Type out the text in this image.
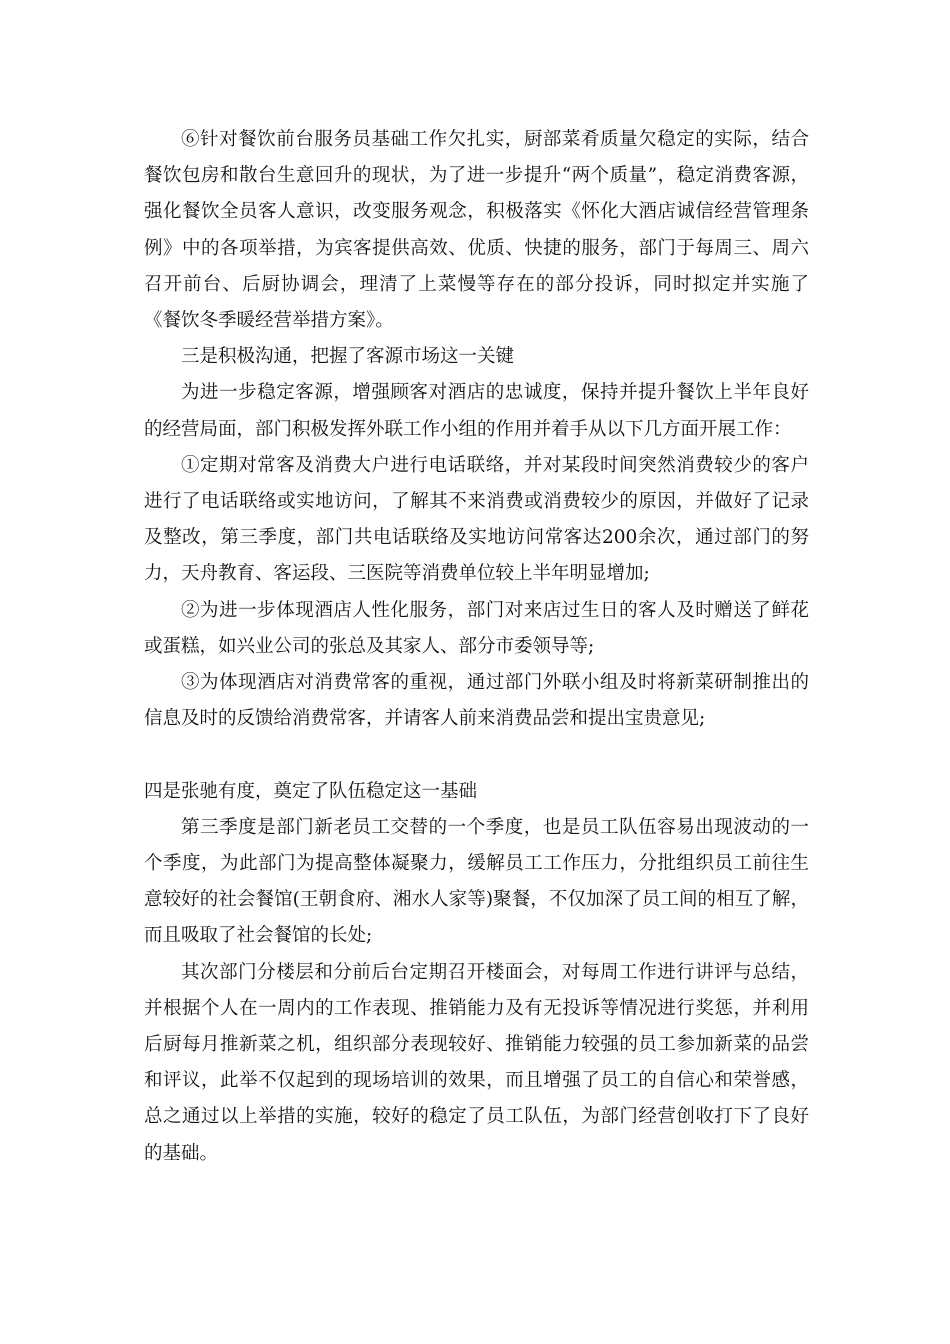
⑥针对餐饮前台服务员基础工作欠扎实，厨部菜肴质量欠稳定的实际，结合餐饮包房和散台生意回升的现状，为了进一步提升“两个质量”，稳定消费客源，强化餐饮全员客人意识，改变服务观念，积极落实《怀化大酒店诚信经营管理条例》中的各项举措，为宾客提供高效、优质、快捷的服务，部门于每周三、周六召开前台、后厨协调会，理清了上菜慢等存在的部分投诉，同时拟定并实施了《餐饮冬季暖经营举措方案》。

三是积极沟通，把握了客源市场这一关键

为进一步稳定客源，增强顾客对酒店的忠诚度，保持并提升餐饮上半年良好的经营局面，部门积极发挥外联工作小组的作用并着手从以下几方面开展工作：

①定期对常客及消费大户进行电话联络，并对某段时间突然消费较少的客户进行了电话联络或实地访问，了解其不来消费或消费较少的原因，并做好了记录及整改，第三季度，部门共电话联络及实地访问常客达200余次，通过部门的努力，天舟教育、客运段、三医院等消费单位较上半年明显增加;

②为进一步体现酒店人性化服务，部门对来店过生日的客人及时赠送了鲜花或蛋糕，如兴业公司的张总及其家人、部分市委领导等;

③为体现酒店对消费常客的重视，通过部门外联小组及时将新菜研制推出的信息及时的反馈给消费常客，并请客人前来消费品尝和提出宝贵意见;

四是张驰有度，奠定了队伍稳定这一基础

第三季度是部门新老员工交替的一个季度，也是员工队伍容易出现波动的一个季度，为此部门为提高整体凝聚力，缓解员工工作压力，分批组织员工前往生意较好的社会餐馆(王朝食府、湘水人家等)聚餐，不仅加深了员工间的相互了解，而且吸取了社会餐馆的长处;

其次部门分楼层和分前后台定期召开楼面会，对每周工作进行讲评与总结，并根据个人在一周内的工作表现、推销能力及有无投诉等情况进行奖惩，并利用后厨每月推新菜之机，组织部分表现较好、推销能力较强的员工参加新菜的品尝和评议，此举不仅起到的现场培训的效果，而且增强了员工的自信心和荣誉感，总之通过以上举措的实施，较好的稳定了员工队伍，为部门经营创收打下了良好的基础。
